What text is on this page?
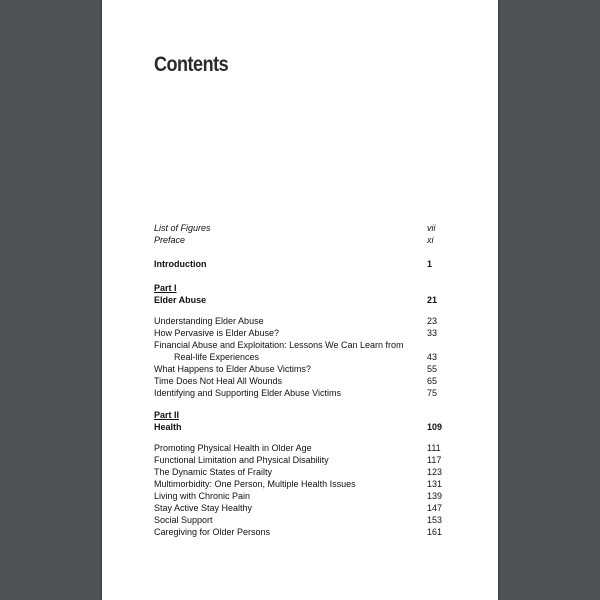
Contents
List of Figures	vii
Preface	xi
Introduction	1
Part I
Elder Abuse	21
Understanding Elder Abuse	23
How Pervasive is Elder Abuse?	33
Financial Abuse and Exploitation: Lessons We Can Learn from
Real-life Experiences	43
What Happens to Elder Abuse Victims?	55
Time Does Not Heal All Wounds	65
Identifying and Supporting Elder Abuse Victims	75
Part II
Health	109
Promoting Physical Health in Older Age	111
Functional Limitation and Physical Disability	117
The Dynamic States of Frailty	123
Multimorbidity: One Person, Multiple Health Issues	131
Living with Chronic Pain	139
Stay Active Stay Healthy	147
Social Support	153
Caregiving for Older Persons	161
